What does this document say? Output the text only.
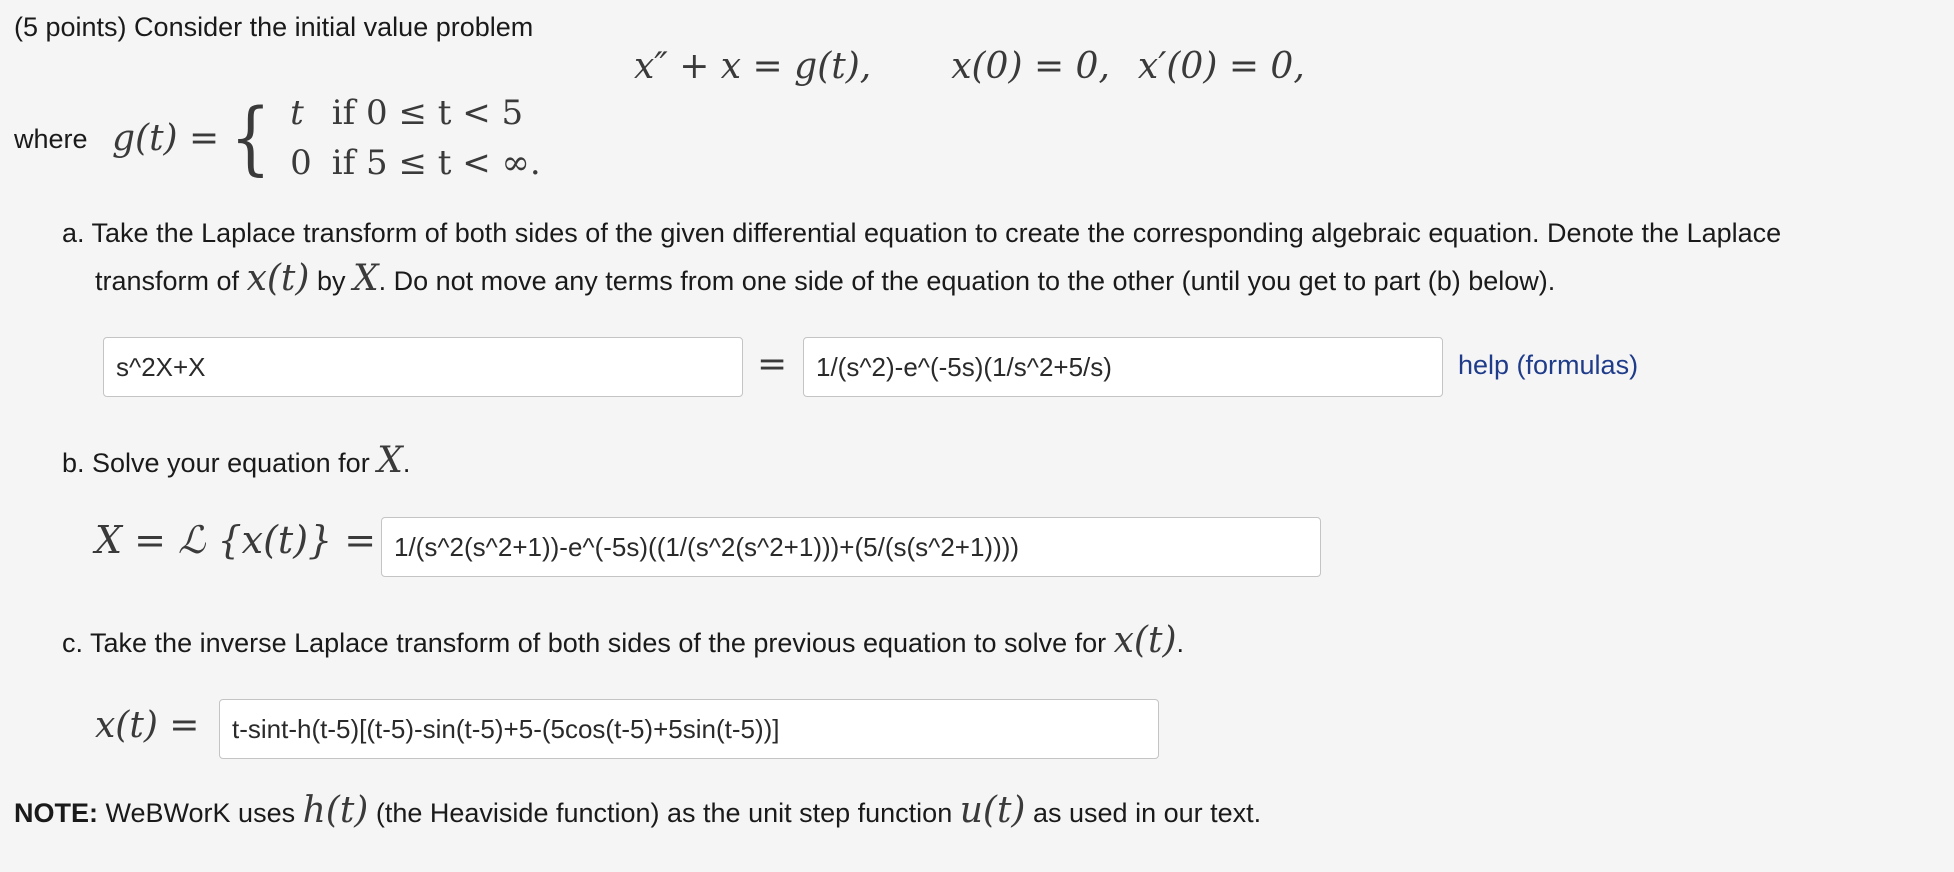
(5 points) Consider the initial value problem
x″ + x = g(t), x(0) = 0, x′(0) = 0,
where g(t) = { t	if 0 ≤ t < 5
0	if 5 ≤ t < ∞.
a. Take the Laplace transform of both sides of the given differential equation to create the corresponding algebraic equation. Denote the Laplace
transform of x(t) by X. Do not move any terms from one side of the equation to the other (until you get to part (b) below).
s^2X+X	=	1/(s^2)-e^(-5s)(1/s^2+5/s)	help (formulas)
b. Solve your equation for X.
X = ℒ {x(t)} = 1/(s^2(s^2+1))-e^(-5s)((1/(s^2(s^2+1)))+(5/(s(s^2+1))))
c. Take the inverse Laplace transform of both sides of the previous equation to solve for x(t).
x(t) =	t-sint-h(t-5)[(t-5)-sin(t-5)+5-(5cos(t-5)+5sin(t-5))]
NOTE: WeBWorK uses h(t) (the Heaviside function) as the unit step function u(t) as used in our text.
